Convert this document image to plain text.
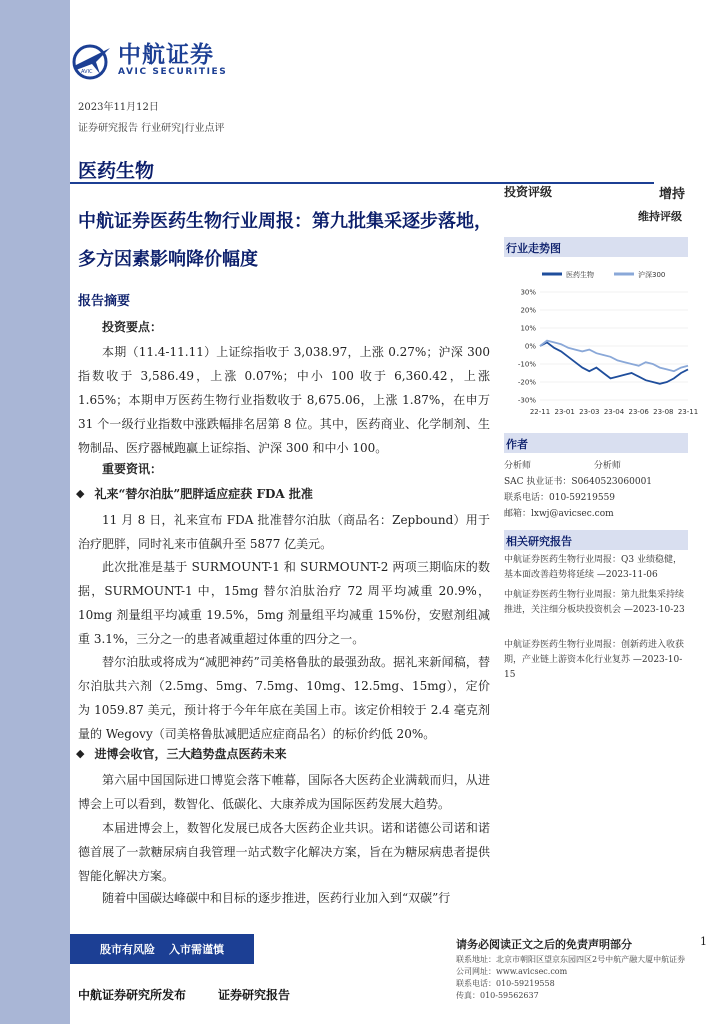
AVIC
中航证券
AVIC SECURITIES
2023年11月12日
证券研究报告 行业研究|行业点评
医药生物
中航证券医药生物行业周报：第九批集采逐步落地，多方因素影响降价幅度
报告摘要
投资要点：
本期（11.4-11.11）上证综指收于 3,038.97，上涨 0.27%；沪深 300 指数收于 3,586.49，上涨 0.07%；中小 100 收于 6,360.42，上涨 1.65%；本期申万医药生物行业指数收于 8,675.06，上涨 1.87%，在申万 31 个一级行业指数中涨跌幅排名居第 8 位。其中，医药商业、化学制剂、生物制品、医疗器械跑赢上证综指、沪深 300 和中小 100。
重要资讯：
◆ 礼来“替尔泊肽”肥胖适应症获 FDA 批准
11 月 8 日，礼来宣布 FDA 批准替尔泊肽（商品名：Zepbound）用于治疗肥胖，同时礼来市值飙升至 5877 亿美元。
此次批准是基于 SURMOUNT-1 和 SURMOUNT-2 两项三期临床的数据，SURMOUNT-1 中，15mg 替尔泊肽治疗 72 周平均减重 20.9%，10mg 剂量组平均减重 19.5%，5mg 剂量组平均减重 15%份，安慰剂组减重 3.1%，三分之一的患者减重超过体重的四分之一。
替尔泊肽或将成为“减肥神药”司美格鲁肽的最强劲敌。据礼来新闻稿，替尔泊肽共六剂（2.5mg、5mg、7.5mg、10mg、12.5mg、15mg），定价为 1059.87 美元，预计将于今年年底在美国上市。该定价相较于 2.4 毫克剂量的 Wegovy（司美格鲁肽减肥适应症商品名）的标价约低 20%。
◆ 进博会收官，三大趋势盘点医药未来
第六届中国国际进口博览会落下帷幕，国际各大医药企业满载而归，从进博会上可以看到，数智化、低碳化、大康养成为国际医药发展大趋势。
本届进博会上，数智化发展已成各大医药企业共识。诺和诺德公司诺和诺德首展了一款糖尿病自我管理一站式数字化解决方案，旨在为糖尿病患者提供智能化解决方案。
随着中国碳达峰碳中和目标的逐步推进，医药行业加入到“双碳”行
投资评级	增持
维持评级
行业走势图
医药生物	沪深300
30%
20%
10%
0%
-10%
-20%
-30%
22-11 23-01 23-03 23-04 23-06 23-08 23-11
作者
分析师	分析师
SAC 执业证书：S0640523060001
联系电话：010-59219559
邮箱：lxwj@avicsec.com
相关研究报告
中航证券医药生物行业周报：Q3 业绩稳健，基本面改善趋势将延续 —2023-11-06
中航证券医药生物行业周报：第九批集采持续推进，关注细分板块投资机会 —2023-10-23
中航证券医药生物行业周报：创新药进入收获期，产业链上游资本化行业复苏 —2023-10-15
股市有风险 入市需谨慎
中航证券研究所发布	证券研究报告
请务必阅读正文之后的免责声明部分
联系地址：北京市朝阳区望京东园四区2号中航产融大厦中航证券
公司网址：www.avicsec.com
联系电话：010-59219558
传真：010-59562637
1
